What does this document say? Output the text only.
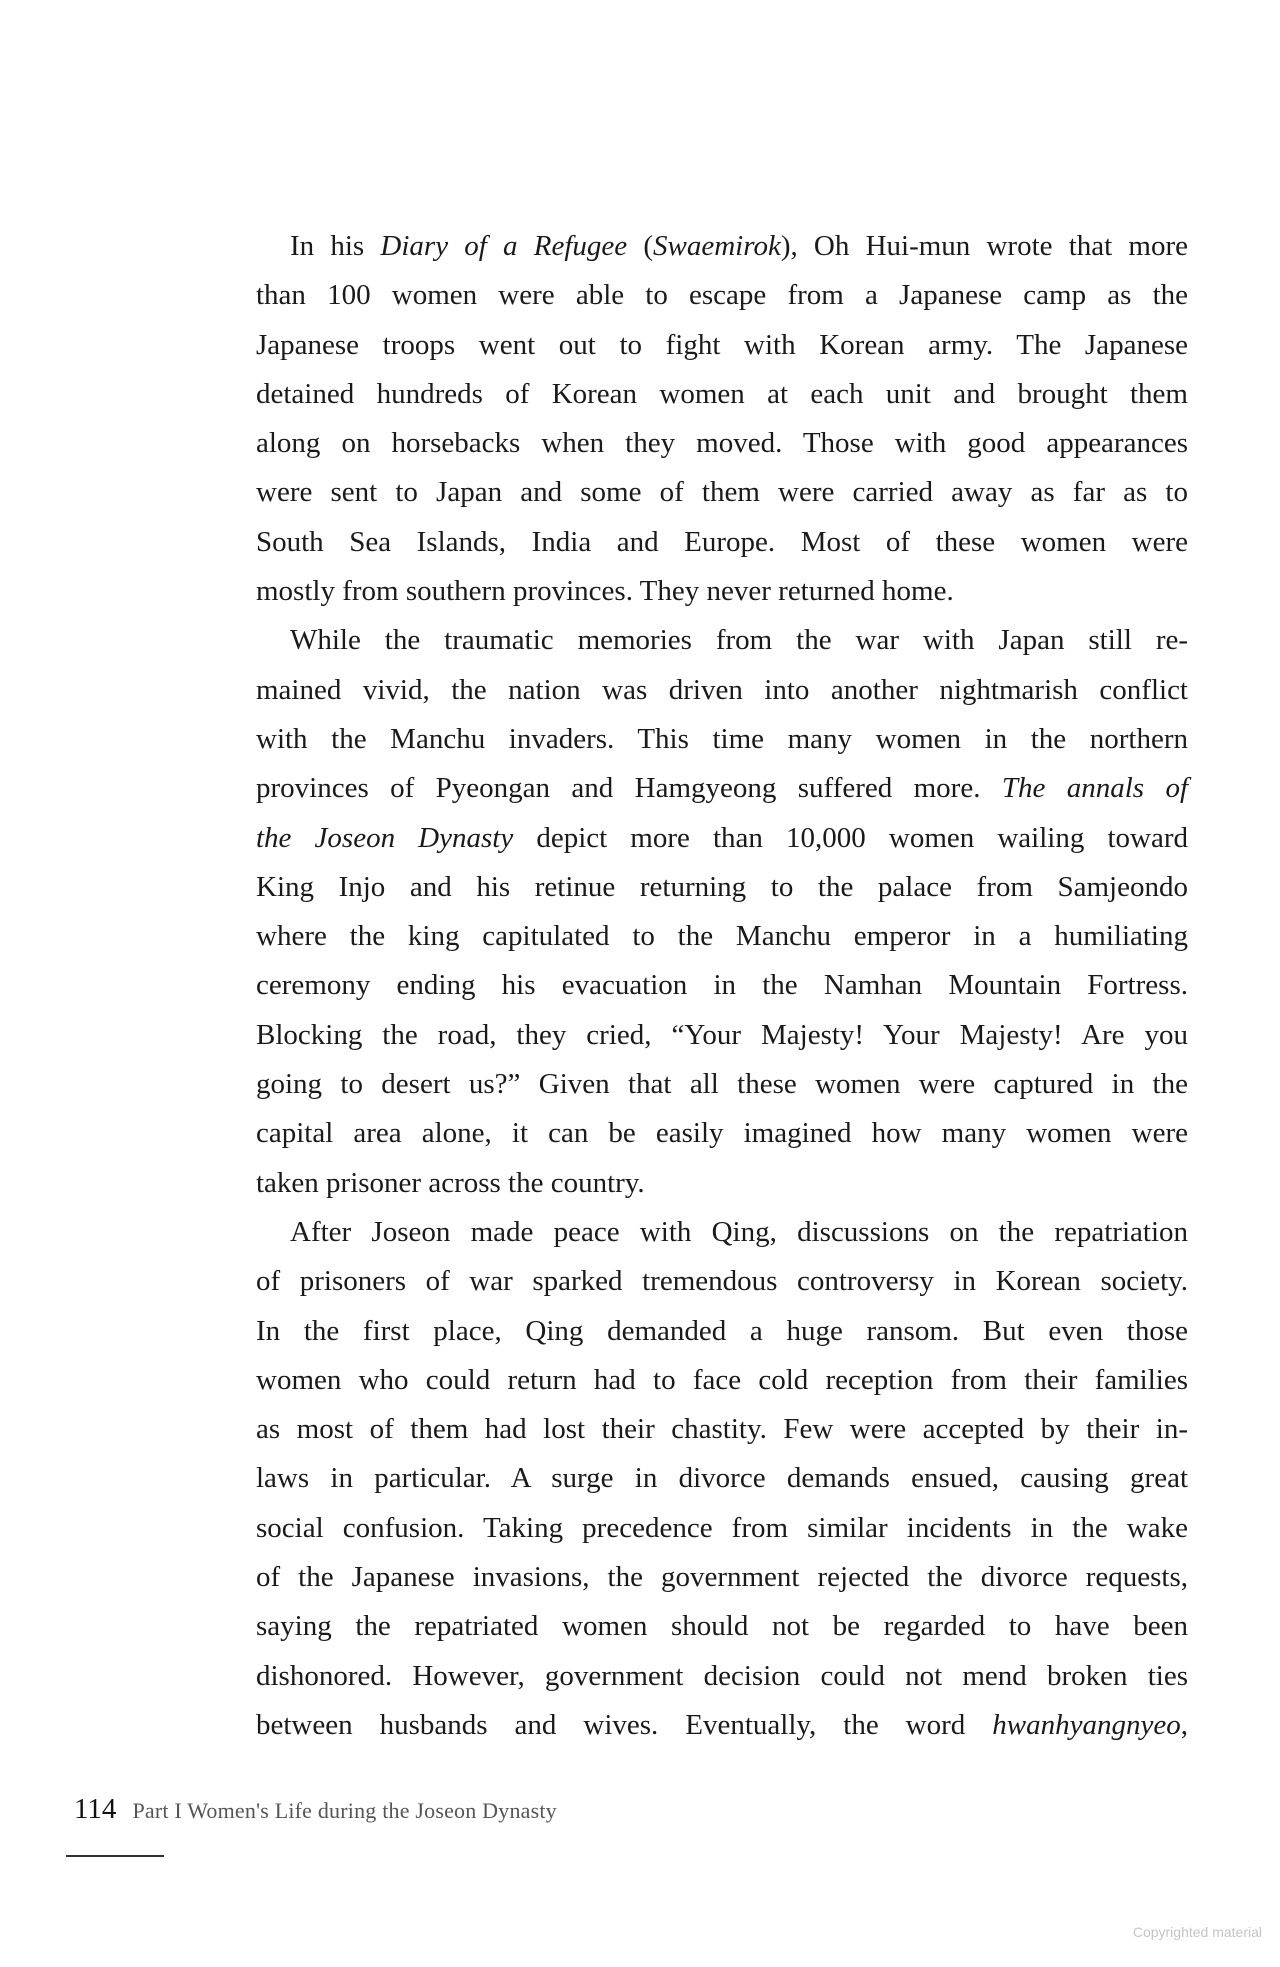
In his Diary of a Refugee (Swaemirok), Oh Hui-mun wrote that more
than 100 women were able to escape from a Japanese camp as the
Japanese troops went out to fight with Korean army. The Japanese
detained hundreds of Korean women at each unit and brought them
along on horsebacks when they moved. Those with good appearances
were sent to Japan and some of them were carried away as far as to
South Sea Islands, India and Europe. Most of these women were
mostly from southern provinces. They never returned home.
While the traumatic memories from the war with Japan still re-
mained vivid, the nation was driven into another nightmarish conflict
with the Manchu invaders. This time many women in the northern
provinces of Pyeongan and Hamgyeong suffered more. The annals of
the Joseon Dynasty depict more than 10,000 women wailing toward
King Injo and his retinue returning to the palace from Samjeondo
where the king capitulated to the Manchu emperor in a humiliating
ceremony ending his evacuation in the Namhan Mountain Fortress.
Blocking the road, they cried, “Your Majesty! Your Majesty! Are you
going to desert us?” Given that all these women were captured in the
capital area alone, it can be easily imagined how many women were
taken prisoner across the country.
After Joseon made peace with Qing, discussions on the repatriation
of prisoners of war sparked tremendous controversy in Korean society.
In the first place, Qing demanded a huge ransom. But even those
women who could return had to face cold reception from their families
as most of them had lost their chastity. Few were accepted by their in-
laws in particular. A surge in divorce demands ensued, causing great
social confusion. Taking precedence from similar incidents in the wake
of the Japanese invasions, the government rejected the divorce requests,
saying the repatriated women should not be regarded to have been
dishonored. However, government decision could not mend broken ties
between husbands and wives. Eventually, the word hwanhyangnyeo,
114 Part I Women's Life during the Joseon Dynasty
Copyrighted material
